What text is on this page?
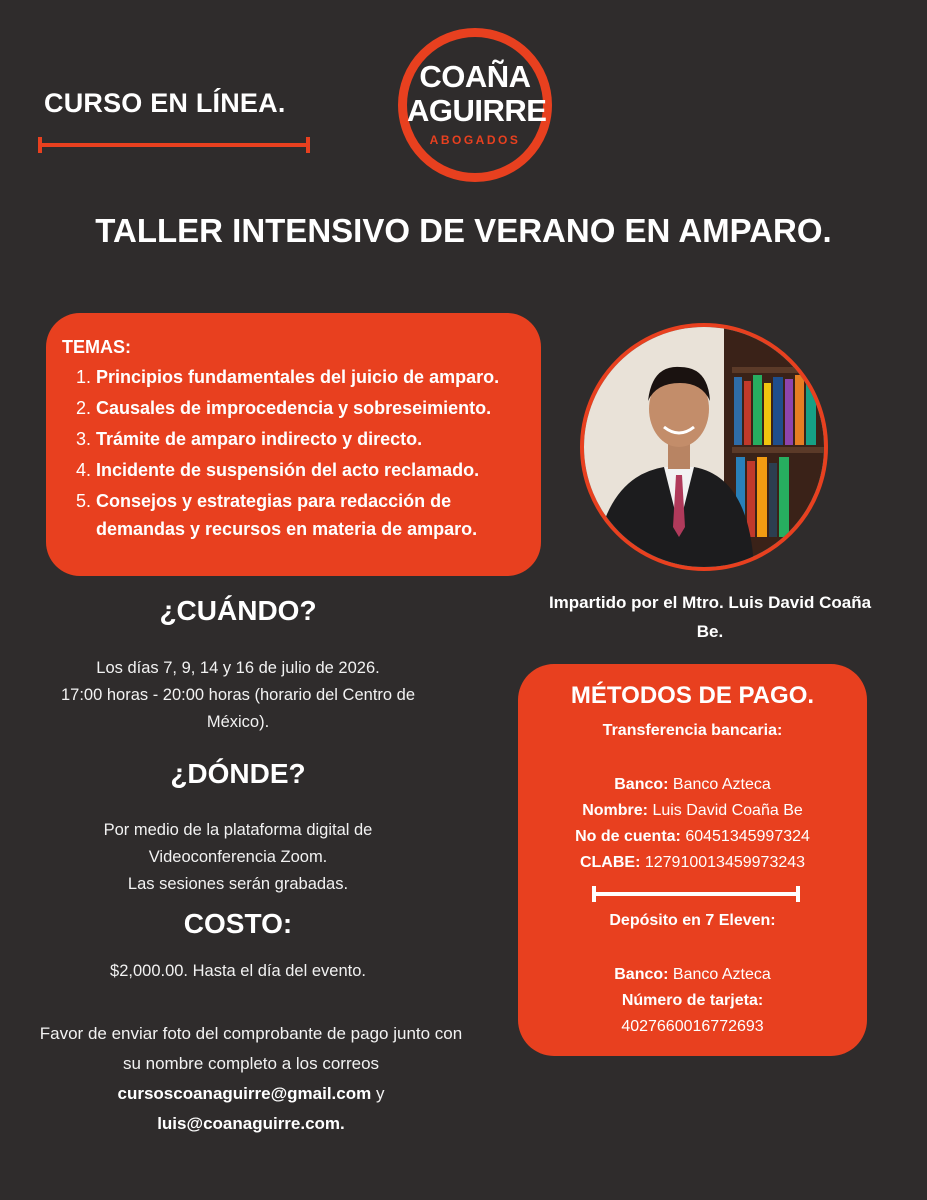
CURSO EN LÍNEA.
COAÑA
AGUIRRE
ABOGADOS
TALLER INTENSIVO DE VERANO EN AMPARO.
TEMAS:
1. Principios fundamentales del juicio de amparo.
2. Causales de improcedencia y sobreseimiento.
3. Trámite de amparo indirecto y directo.
4. Incidente de suspensión del acto reclamado.
5. Consejos y estrategias para redacción de demandas y recursos en materia de amparo.
Impartido por el Mtro. Luis David Coaña Be.
¿CUÁNDO?
Los días 7, 9, 14 y 16 de julio de 2026.
17:00 horas - 20:00 horas (horario del Centro de México).
¿DÓNDE?
Por medio de la plataforma digital de Videoconferencia Zoom.
Las sesiones serán grabadas.
COSTO:
$2,000.00. Hasta el día del evento.
Favor de enviar foto del comprobante de pago junto con su nombre completo a los correos cursoscoanaguirre@gmail.com y luis@coanaguirre.com.
MÉTODOS DE PAGO.
Transferencia bancaria:
Banco: Banco Azteca
Nombre: Luis David Coaña Be
No de cuenta: 60451345997324
CLABE: 127910013459973243
Depósito en 7 Eleven:
Banco: Banco Azteca
Número de tarjeta:
4027660016772693
